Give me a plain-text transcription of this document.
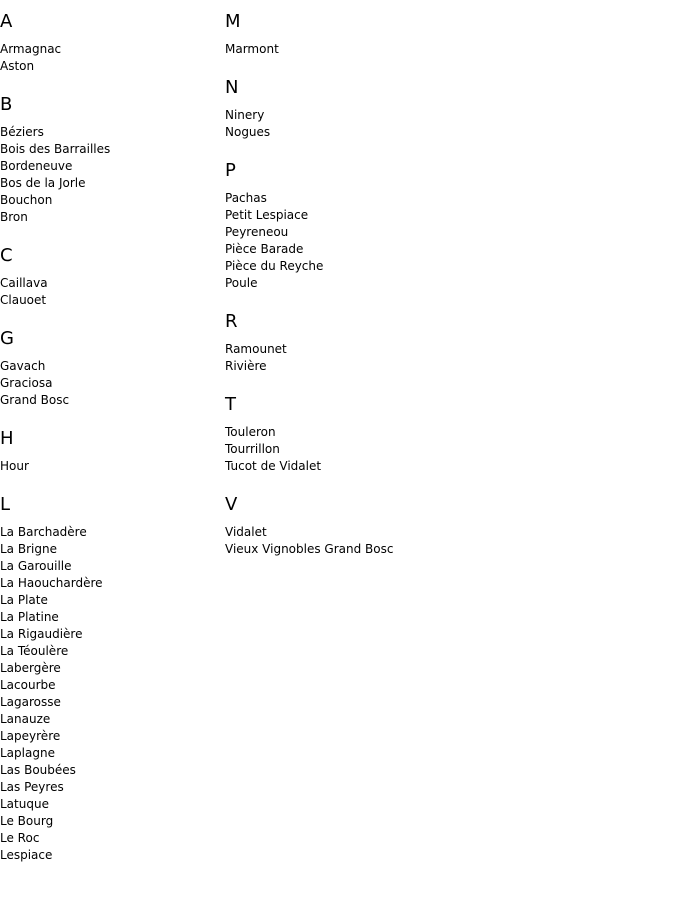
A
Armagnac
Aston
B
Béziers
Bois des Barrailles
Bordeneuve
Bos de la Jorle
Bouchon
Bron
C
Caillava
Clauoet
G
Gavach
Graciosa
Grand Bosc
H
Hour
L
La Barchadère
La Brigne
La Garouille
La Haouchardère
La Plate
La Platine
La Rigaudière
La Téoulère
Labergère
Lacourbe
Lagarosse
Lanauze
Lapeyrère
Laplagne
Las Boubées
Las Peyres
Latuque
Le Bourg
Le Roc
Lespiace
M
Marmont
N
Ninery
Nogues
P
Pachas
Petit Lespiace
Peyreneou
Pièce Barade
Pièce du Reyche
Poule
R
Ramounet
Rivière
T
Touleron
Tourrillon
Tucot de Vidalet
V
Vidalet
Vieux Vignobles Grand Bosc
